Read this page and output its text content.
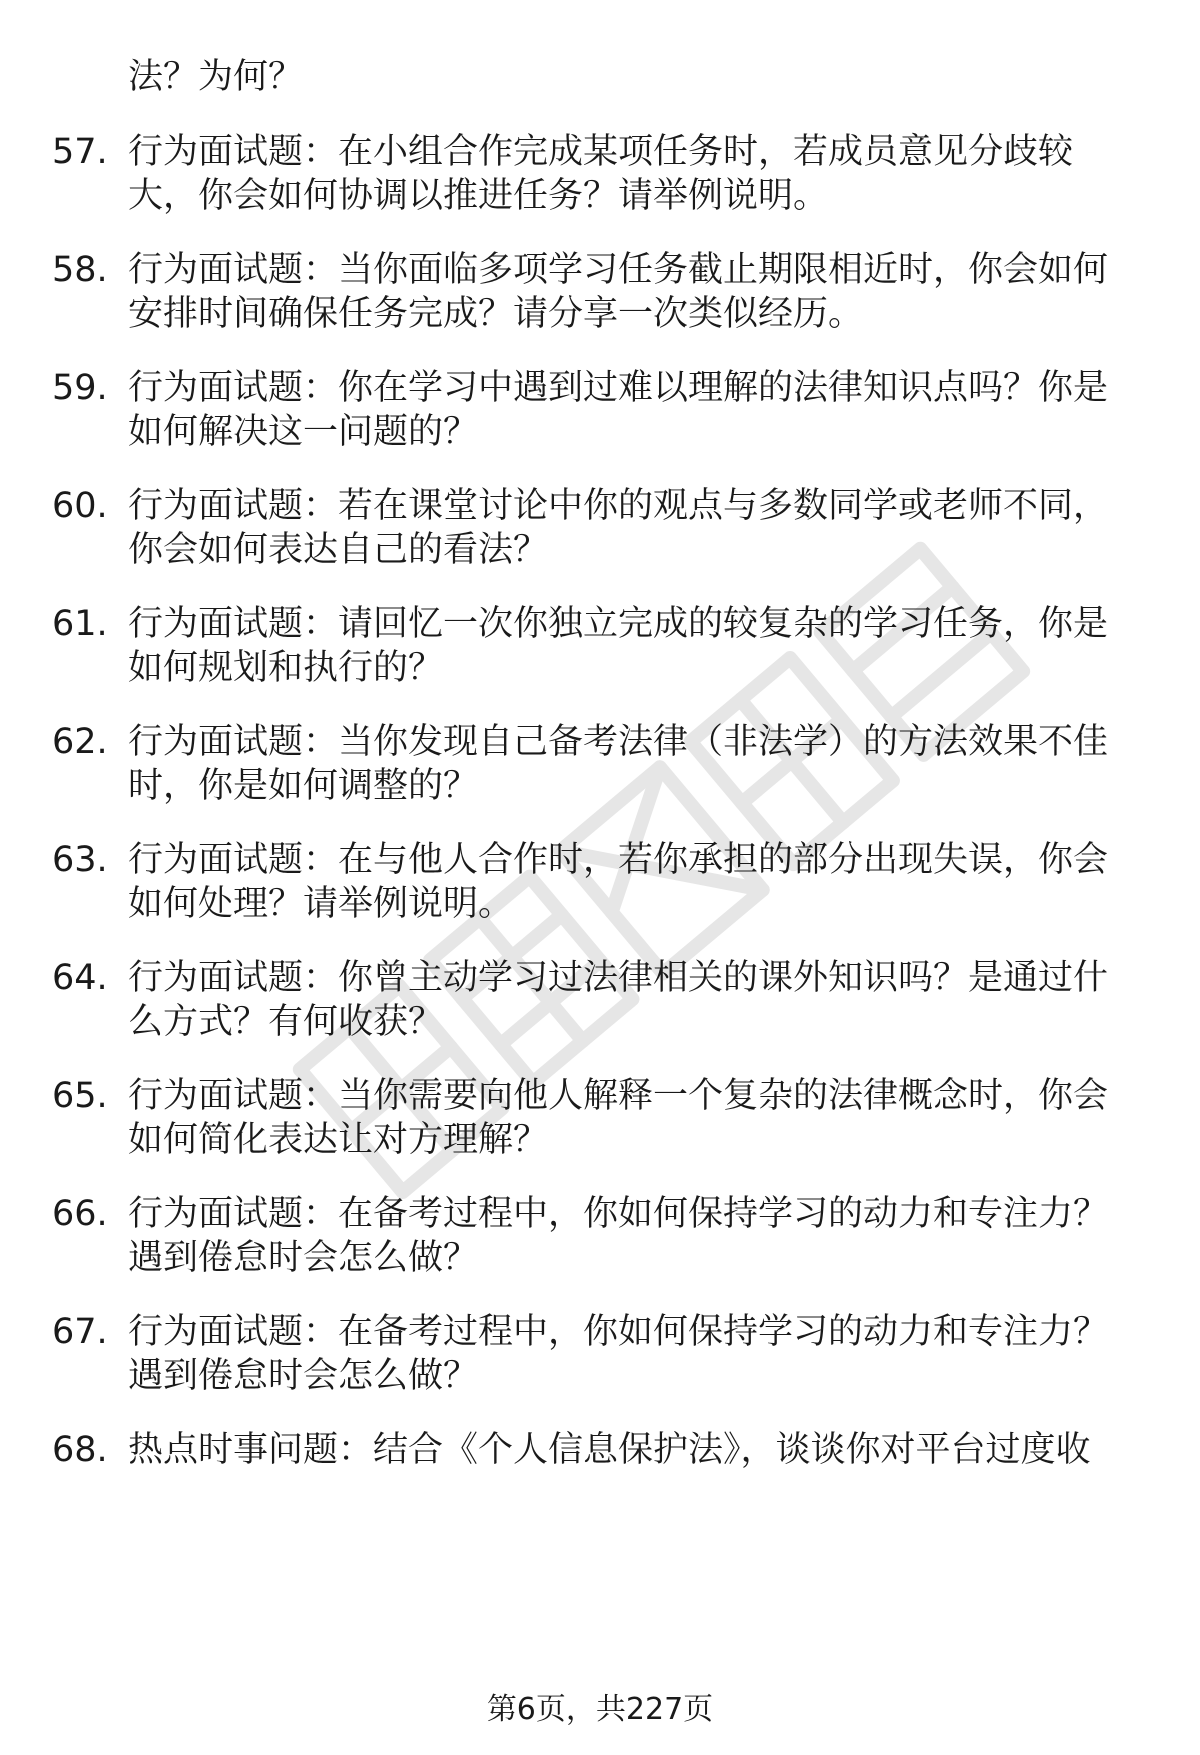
法？为何？
57. 行为面试题：在小组合作完成某项任务时，若成员意见分歧较
大，你会如何协调以推进任务？请举例说明。
58. 行为面试题：当你面临多项学习任务截止期限相近时，你会如何
安排时间确保任务完成？请分享一次类似经历。
59. 行为面试题：你在学习中遇到过难以理解的法律知识点吗？你是
如何解决这一问题的？
60. 行为面试题：若在课堂讨论中你的观点与多数同学或老师不同，
你会如何表达自己的看法？
61. 行为面试题：请回忆一次你独立完成的较复杂的学习任务，你是
如何规划和执行的？
62. 行为面试题：当你发现自己备考法律（非法学）的方法效果不佳
时，你是如何调整的？
63. 行为面试题：在与他人合作时，若你承担的部分出现失误，你会
如何处理？请举例说明。
64. 行为面试题：你曾主动学习过法律相关的课外知识吗？是通过什
么方式？有何收获？
65. 行为面试题：当你需要向他人解释一个复杂的法律概念时，你会
如何简化表达让对方理解？
66. 行为面试题：在备考过程中，你如何保持学习的动力和专注力？
遇到倦怠时会怎么做？
67. 行为面试题：在备考过程中，你如何保持学习的动力和专注力？
遇到倦怠时会怎么做？
68. 热点时事问题：结合《个人信息保护法》，谈谈你对平台过度收
第6页，共227页
